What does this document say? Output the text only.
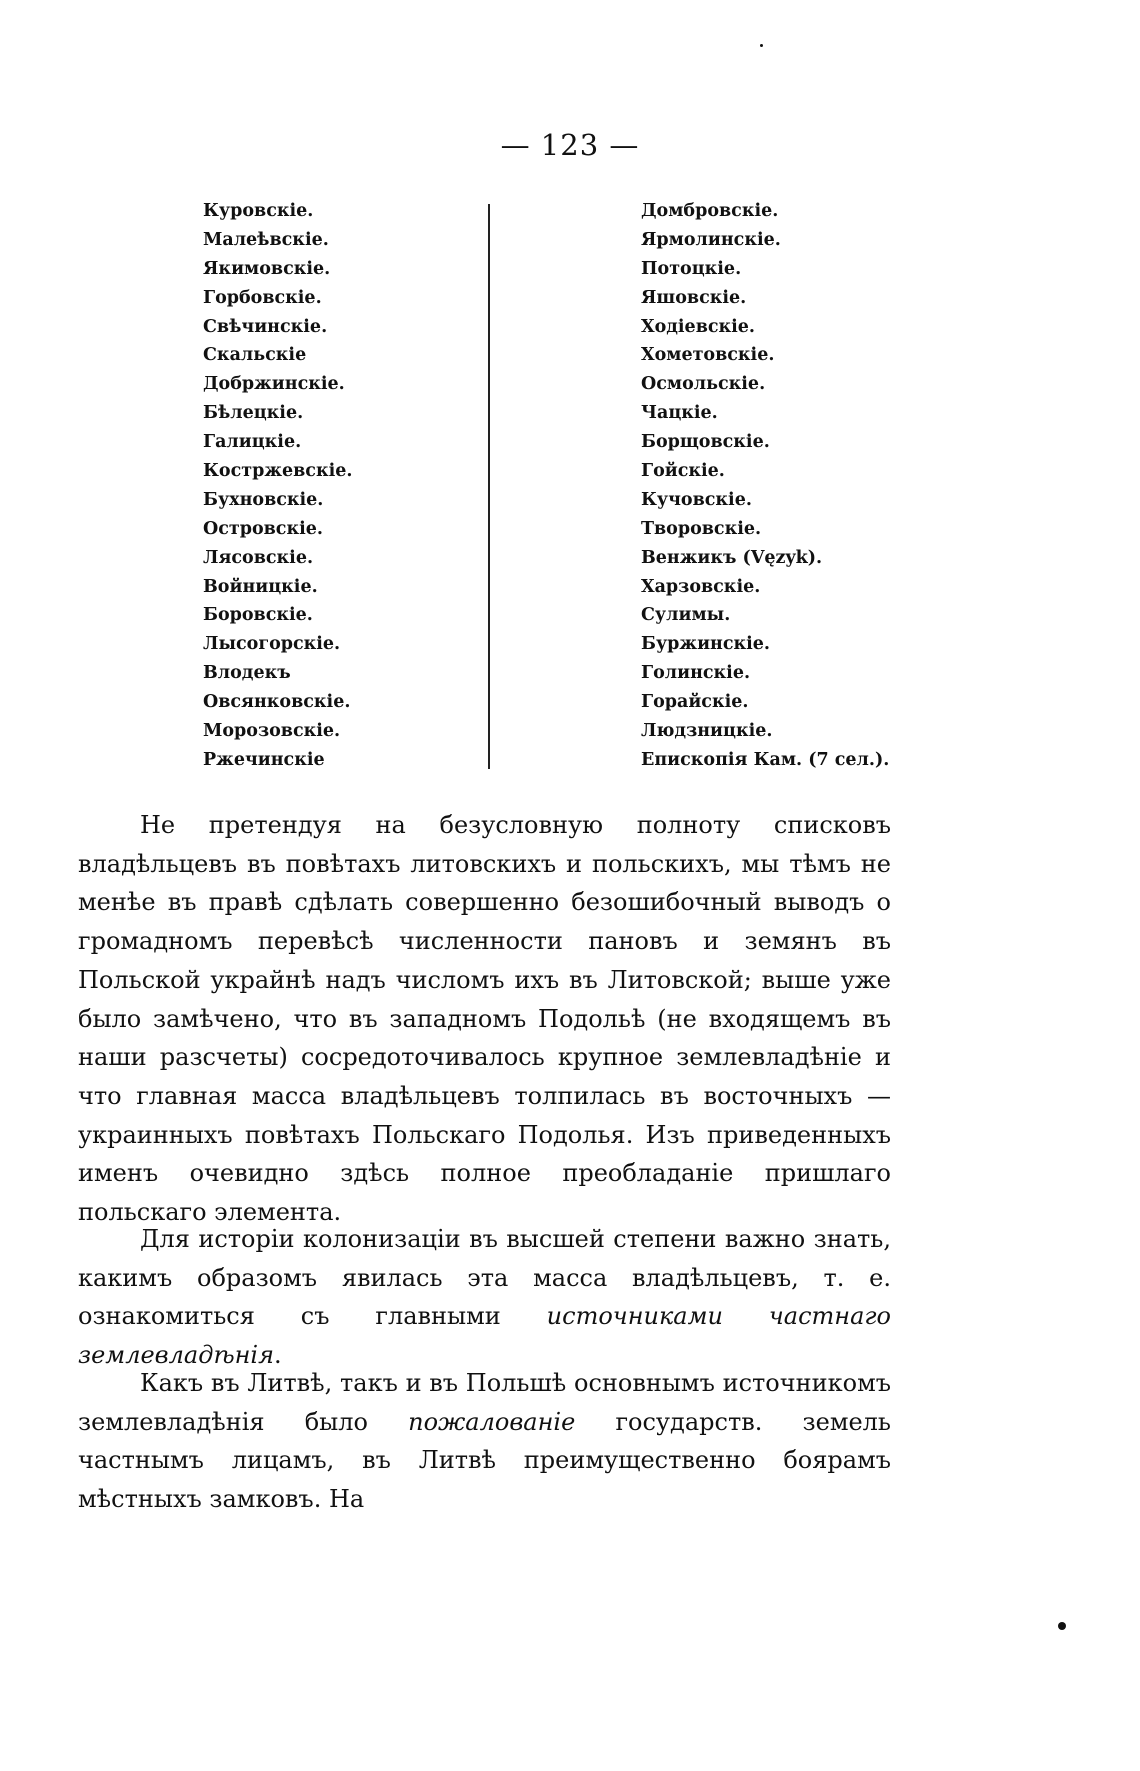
— 123 —
Куровскіе.
Малеѣвскіе.
Якимовскіе.
Горбовскіе.
Свѣчинскіе.
Скальскіе
Добржинскіе.
Бѣлецкіе.
Галицкіе.
Костржевскіе.
Бухновскіе.
Островскіе.
Лясовскіе.
Войницкіе.
Боровскіе.
Лысогорскіе.
Влодекъ
Овсянковскіе.
Морозовскіе.
Ржечинскіе
Домбровскіе.
Ярмолинскіе.
Потоцкіе.
Яшовскіе.
Ходіевскіе.
Хометовскіе.
Осмольскіе.
Чацкіе.
Борщовскіе.
Гойскіе.
Кучовскіе.
Творовскіе.
Венжикъ (Vęzyk).
Харзовскіе.
Сулимы.
Буржинскіе.
Голинскіе.
Горайскіе.
Людзницкіе.
Епископія Кам. (7 сел.).

Не претендуя на безусловную полноту списковъ владѣльцевъ въ повѣтахъ литовскихъ и польскихъ, мы тѣмъ не менѣе въ правѣ сдѣлать совершенно безошибочный выводъ о громадномъ перевѣсѣ численности пановъ и земянъ въ Польской украйнѣ надъ числомъ ихъ въ Литовской; выше уже было замѣчено, что въ западномъ Подольѣ (не входящемъ въ наши разсчеты) сосредоточивалось крупное землевладѣніе и что главная масса владѣльцевъ толпилась въ восточныхъ — украинныхъ повѣтахъ Польскаго Подолья. Изъ приведенныхъ именъ очевидно здѣсь полное преобладаніе пришлаго польскаго элемента.

Для исторіи колонизаціи въ высшей степени важно знать, какимъ образомъ явилась эта масса владѣльцевъ, т. е. ознакомиться съ главными источниками частнаго землевладѣнія.

Какъ въ Литвѣ, такъ и въ Польшѣ основнымъ источникомъ землевладѣнія было пожалованіе государств. земель частнымъ лицамъ, въ Литвѣ преимущественно боярамъ мѣстныхъ замковъ. На
